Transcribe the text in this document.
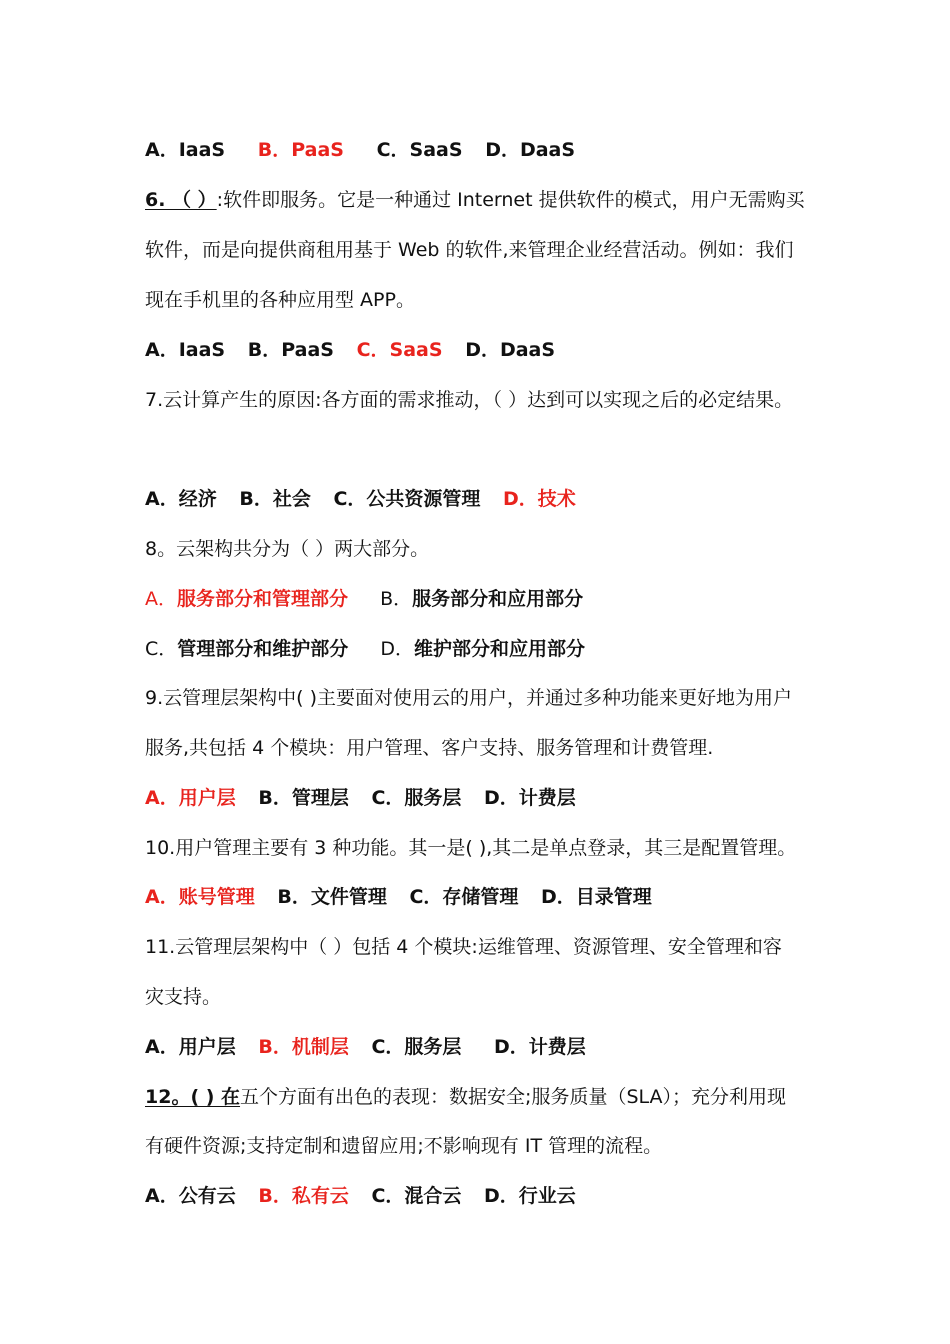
A．IaaS B．PaaS C．SaaS D．DaaS
6. （ ）:软件即服务。它是一种通过 Internet 提供软件的模式，用户无需购买
软件，而是向提供商租用基于 Web 的软件,来管理企业经营活动。例如：我们
现在手机里的各种应用型 APP。
A．IaaS B．PaaS C．SaaS D．DaaS
7.云计算产生的原因:各方面的需求推动，（ ）达到可以实现之后的必定结果。
A．经济 B．社会 C．公共资源管理 D．技术
8。云架构共分为（ ）两大部分。
A．服务部分和管理部分 B．服务部分和应用部分
C．管理部分和维护部分 D．维护部分和应用部分
9.云管理层架构中( )主要面对使用云的用户，并通过多种功能来更好地为用户
服务,共包括 4 个模块：用户管理、客户支持、服务管理和计费管理.
A．用户层 B．管理层 C．服务层 D．计费层
10.用户管理主要有 3 种功能。其一是( ),其二是单点登录，其三是配置管理。
A．账号管理 B．文件管理 C．存储管理 D．目录管理
11.云管理层架构中（ ）包括 4 个模块:运维管理、资源管理、安全管理和容
灾支持。
A．用户层 B．机制层 C．服务层 D．计费层
12。( ) 在五个方面有出色的表现：数据安全;服务质量（SLA）；充分利用现
有硬件资源;支持定制和遗留应用;不影响现有 IT 管理的流程。
A．公有云 B．私有云 C．混合云 D．行业云
